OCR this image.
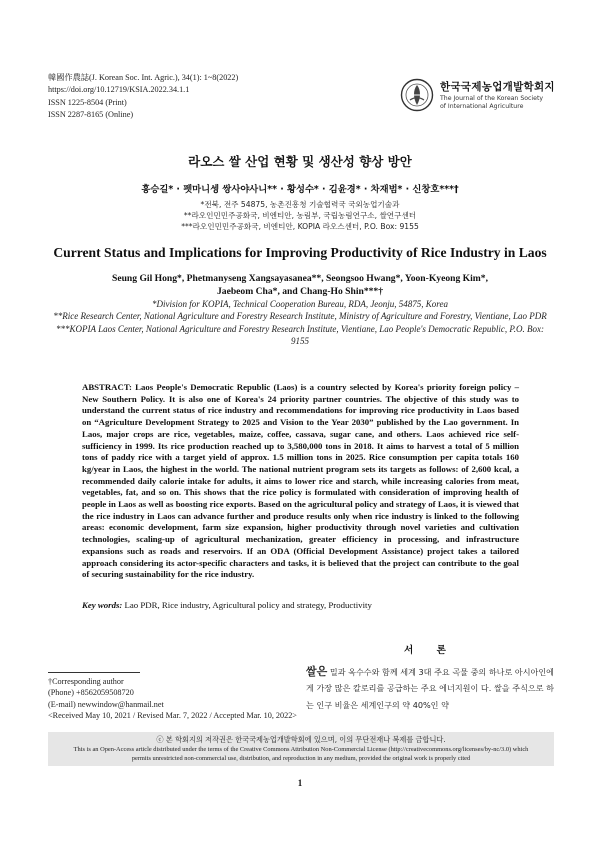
韓國作農誌(J. Korean Soc. Int. Agric.), 34(1): 1~8(2022)
https://doi.org/10.12719/KSIA.2022.34.1.1
ISSN 1225-8504 (Print)
ISSN 2287-8165 (Online)
한국국제농업개발학회지
The Journal of the Korean Society
of International Agriculture
라오스 쌀 산업 현황 및 생산성 향상 방안
홍승길* · 펫마니셍 쌍사야사니** · 황성수* · 김윤경* · 차재범* · 신창호***†
*전북, 전주 54875, 농촌진흥청 기술협력국 국외농업기술과
**라오인민민주공화국, 비엔티안, 농림부, 국립농림연구소, 쌀연구센터
***라오인민민주공화국, 비엔티안, KOPIA 라오스센터, P.O. Box: 9155
Current Status and Implications for Improving Productivity of Rice Industry in Laos
Seung Gil Hong*, Phetmanyseng Xangsayasanea**, Seongsoo Hwang*, Yoon-Kyeong Kim*,
Jaebeom Cha*, and Chang-Ho Shin***†
*Division for KOPIA, Technical Cooperation Bureau, RDA, Jeonju, 54875, Korea
**Rice Research Center, National Agriculture and Forestry Research Institute, Ministry of Agriculture and Forestry, Vientiane, Lao PDR
***KOPIA Laos Center, National Agriculture and Forestry Research Institute, Vientiane, Lao People's Democratic Republic, P.O. Box: 9155
ABSTRACT: Laos People's Democratic Republic (Laos) is a country selected by Korea's priority foreign policy – New Southern Policy. It is also one of Korea's 24 priority partner countries. The objective of this study was to understand the current status of rice industry and recommendations for improving rice productivity in Laos based on “Agriculture Development Strategy to 2025 and Vision to the Year 2030” published by the Lao government. In Laos, major crops are rice, vegetables, maize, coffee, cassava, sugar cane, and others. Laos achieved rice self-sufficiency in 1999. Its rice production reached up to 3,580,000 tons in 2018. It aims to harvest a total of 5 million tons of paddy rice with a target yield of approx. 1.5 million tons in 2025. Rice consumption per capita totals 160 kg/year in Laos, the highest in the world. The national nutrient program sets its targets as follows: of 2,600 kcal, a recommended daily calorie intake for adults, it aims to lower rice and starch, while increasing calories from meat, vegetables, fat, and so on. This shows that the rice policy is formulated with consideration of improving health of people in Laos as well as boosting rice exports. Based on the agricultural policy and strategy of Laos, it is viewed that the rice industry in Laos can advance further and produce results only when rice industry is linked to the following areas: economic development, farm size expansion, higher productivity through novel varieties and cultivation technologies, scaling-up of agricultural mechanization, greater efficiency in processing, and infrastructure expansions such as roads and reservoirs. If an ODA (Official Development Assistance) project takes a tailored approach considering its actor-specific characters and tasks, it is believed that the project can contribute to the goal of securing sustainability for the rice industry.
Key words: Lao PDR, Rice industry, Agricultural policy and strategy, Productivity
서 론
쌀은 밀과 옥수수와 함께 세계 3대 주요 곡물 중의 하나로 아시아인에게 가장 많은 칼로리를 공급하는 주요 에너지원이 다. 쌀을 주식으로 하는 인구 비율은 세계인구의 약 40%인 약
†Corresponding author
(Phone) +8562059508720
(E-mail) newwindow@hanmail.net
<Received May 10, 2021 / Revised Mar. 7, 2022 / Accepted Mar. 10, 2022>
ⓒ 본 학회지의 저작권은 한국국제농업개발학회에 있으며, 이의 무단전재나 복제를 금합니다.
This is an Open-Access article distributed under the terms of the Creative Commons Attribution Non-Commercial License (http://creativecommons.org/licenses/by-nc/3.0) which
permits unrestricted non-commercial use, distribution, and reproduction in any medium, provided the original work is properly cited
1
